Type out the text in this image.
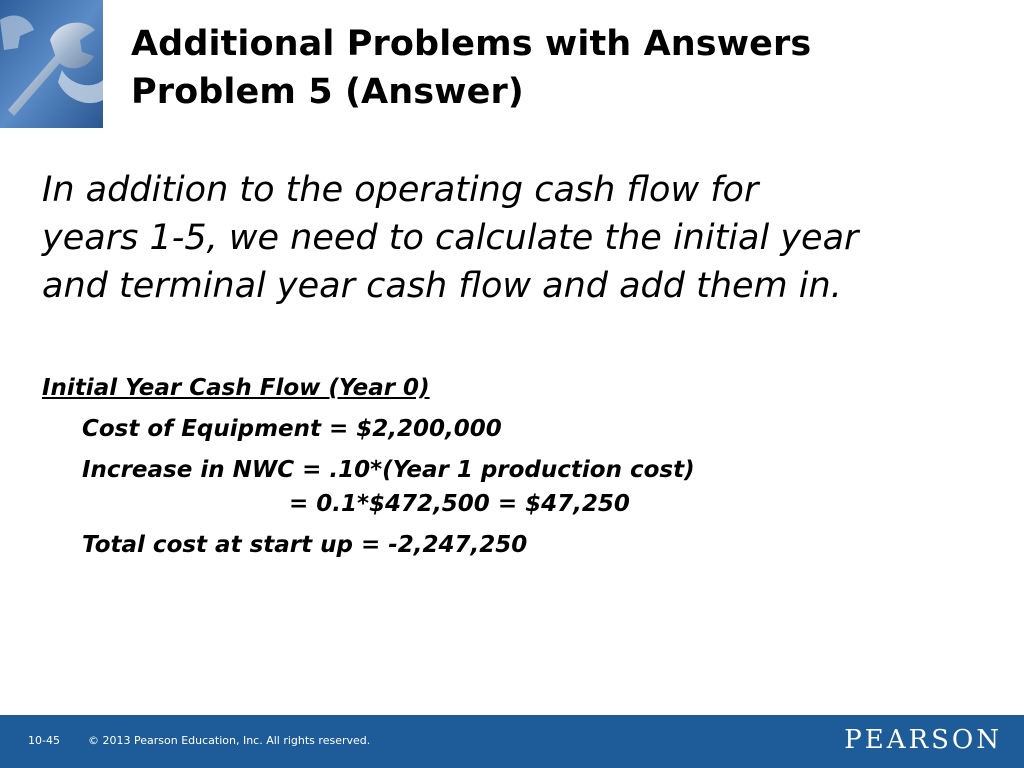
Additional Problems with Answers
Problem 5 (Answer)
In addition to the operating cash flow for
years 1-5, we need to calculate the initial year
and terminal year cash flow and add them in.
Initial Year Cash Flow (Year 0)
Cost of Equipment = $2,200,000
Increase in NWC = .10*(Year 1 production cost)
= 0.1*$472,500 = $47,250
Total cost at start up = -2,247,250
10-45	© 2013 Pearson Education, Inc. All rights reserved.	PEARSON
